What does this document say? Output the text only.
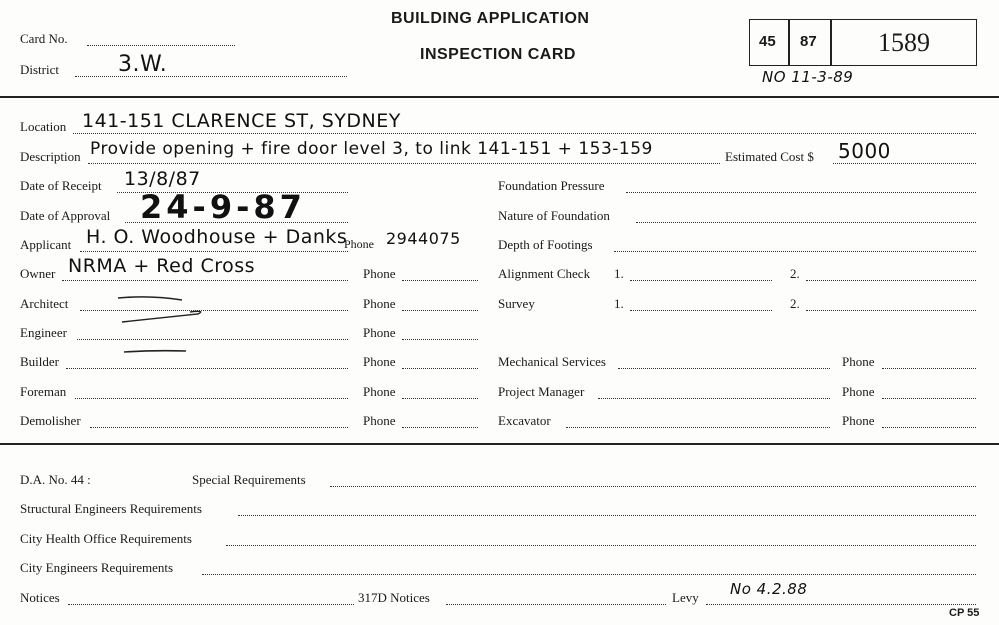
Card No.
District	3.W.
BUILDING APPLICATION
INSPECTION CARD
45 87 1589
NO 11-3-89
Location 141-151 CLARENCE ST, SYDNEY
Description Provide opening + fire door level 3, to link 141-151 + 153-159	Estimated Cost $ 5000
Date of Receipt 13/8/87
Date of Approval 24-9-87
Applicant H. O. Woodhouse + Danks
Phone 2944075
Owner NRMA + Red Cross	Phone
Architect	Phone
Engineer	Phone
Builder	Phone
Foreman	Phone
Demolisher	Phone
Foundation Pressure
Nature of Foundation
Depth of Footings
Alignment Check 1.	2.
Survey	1.	2.
Mechanical Services	Phone
Project Manager	Phone
Excavator	Phone
D.A. No. 44 :	Special Requirements
Structural Engineers Requirements
City Health Office Requirements
City Engineers Requirements
Notices	317D Notices	Levy No 4.2.88
CP 55
